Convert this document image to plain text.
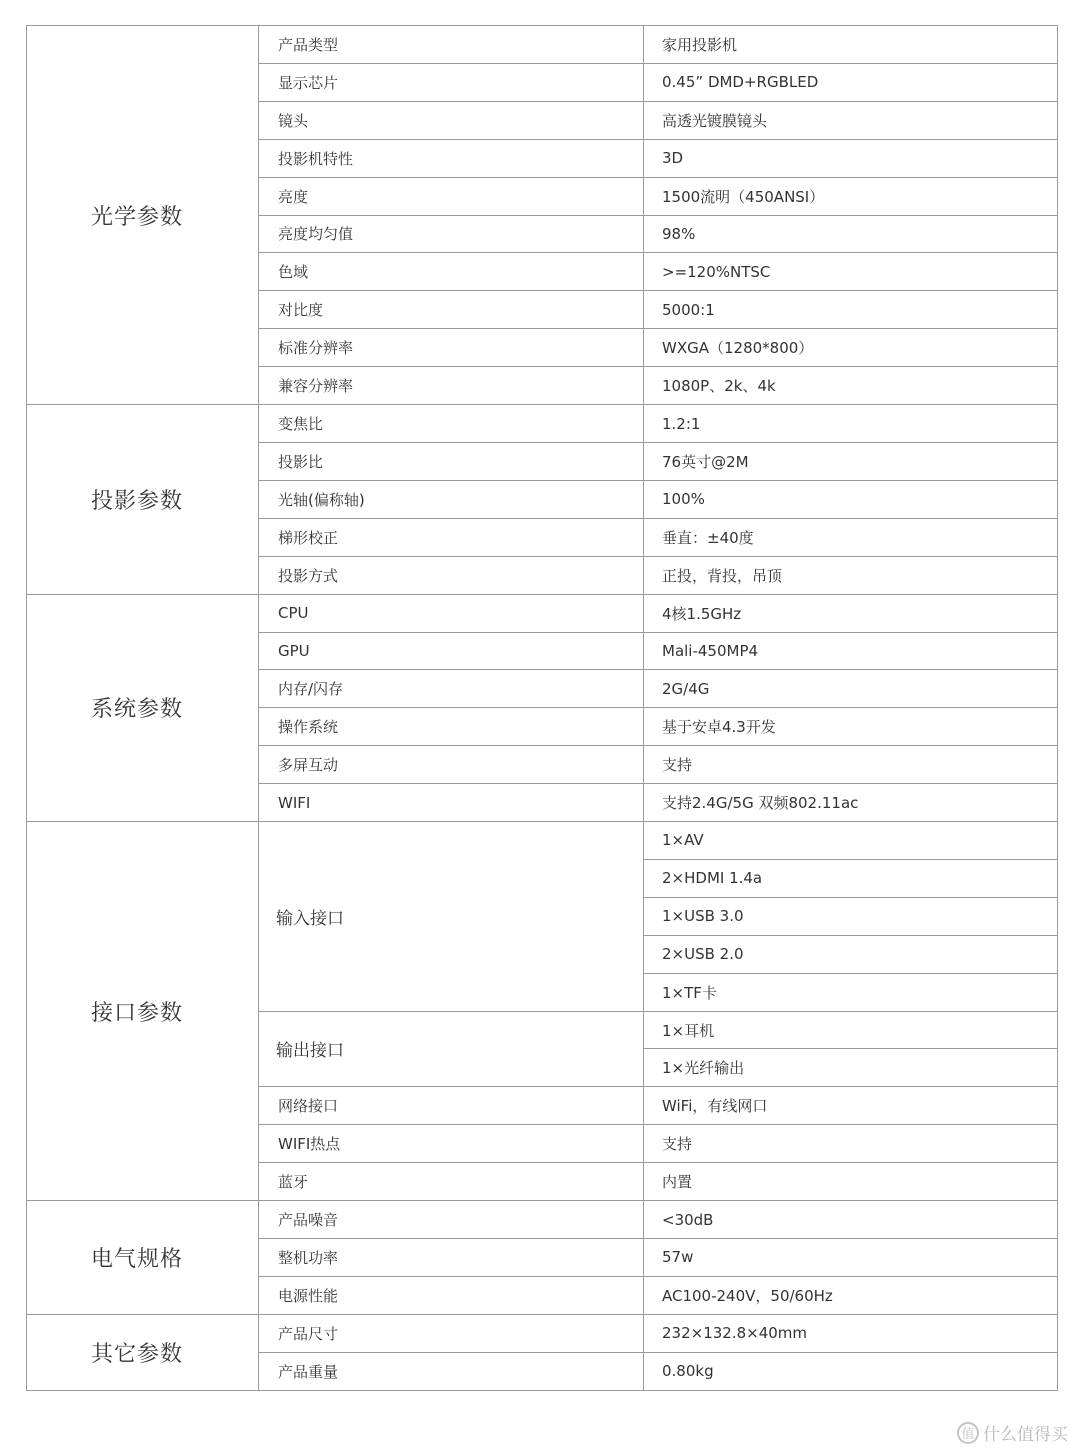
光学参数	产品类型	家用投影机
	显示芯片	0.45” DMD+RGBLED
	镜头	高透光镀膜镜头
	投影机特性	3D
	亮度	1500流明（450ANSI）
	亮度均匀值	98%
	色域	>=120%NTSC
	对比度	5000:1
	标准分辨率	WXGA（1280*800）
	兼容分辨率	1080P、2k、4k
投影参数	变焦比	1.2:1
	投影比	76英寸@2M
	光轴(偏称轴)	100%
	梯形校正	垂直：±40度
	投影方式	正投，背投，吊顶
系统参数	CPU	4核1.5GHz
	GPU	Mali-450MP4
	内存/闪存	2G/4G
	操作系统	基于安卓4.3开发
	多屏互动	支持
	WIFI	支持2.4G/5G 双频802.11ac
接口参数	输入接口	1×AV
		2×HDMI 1.4a
		1×USB 3.0
		2×USB 2.0
		1×TF卡
	输出接口	1×耳机
		1×光纤输出
	网络接口	WiFi，有线网口
	WIFI热点	支持
	蓝牙	内置
电气规格	产品噪音	<30dB
	整机功率	57w
	电源性能	AC100-240V，50/60Hz
其它参数	产品尺寸	232×132.8×40mm
	产品重量	0.80kg
值 什么值得买
